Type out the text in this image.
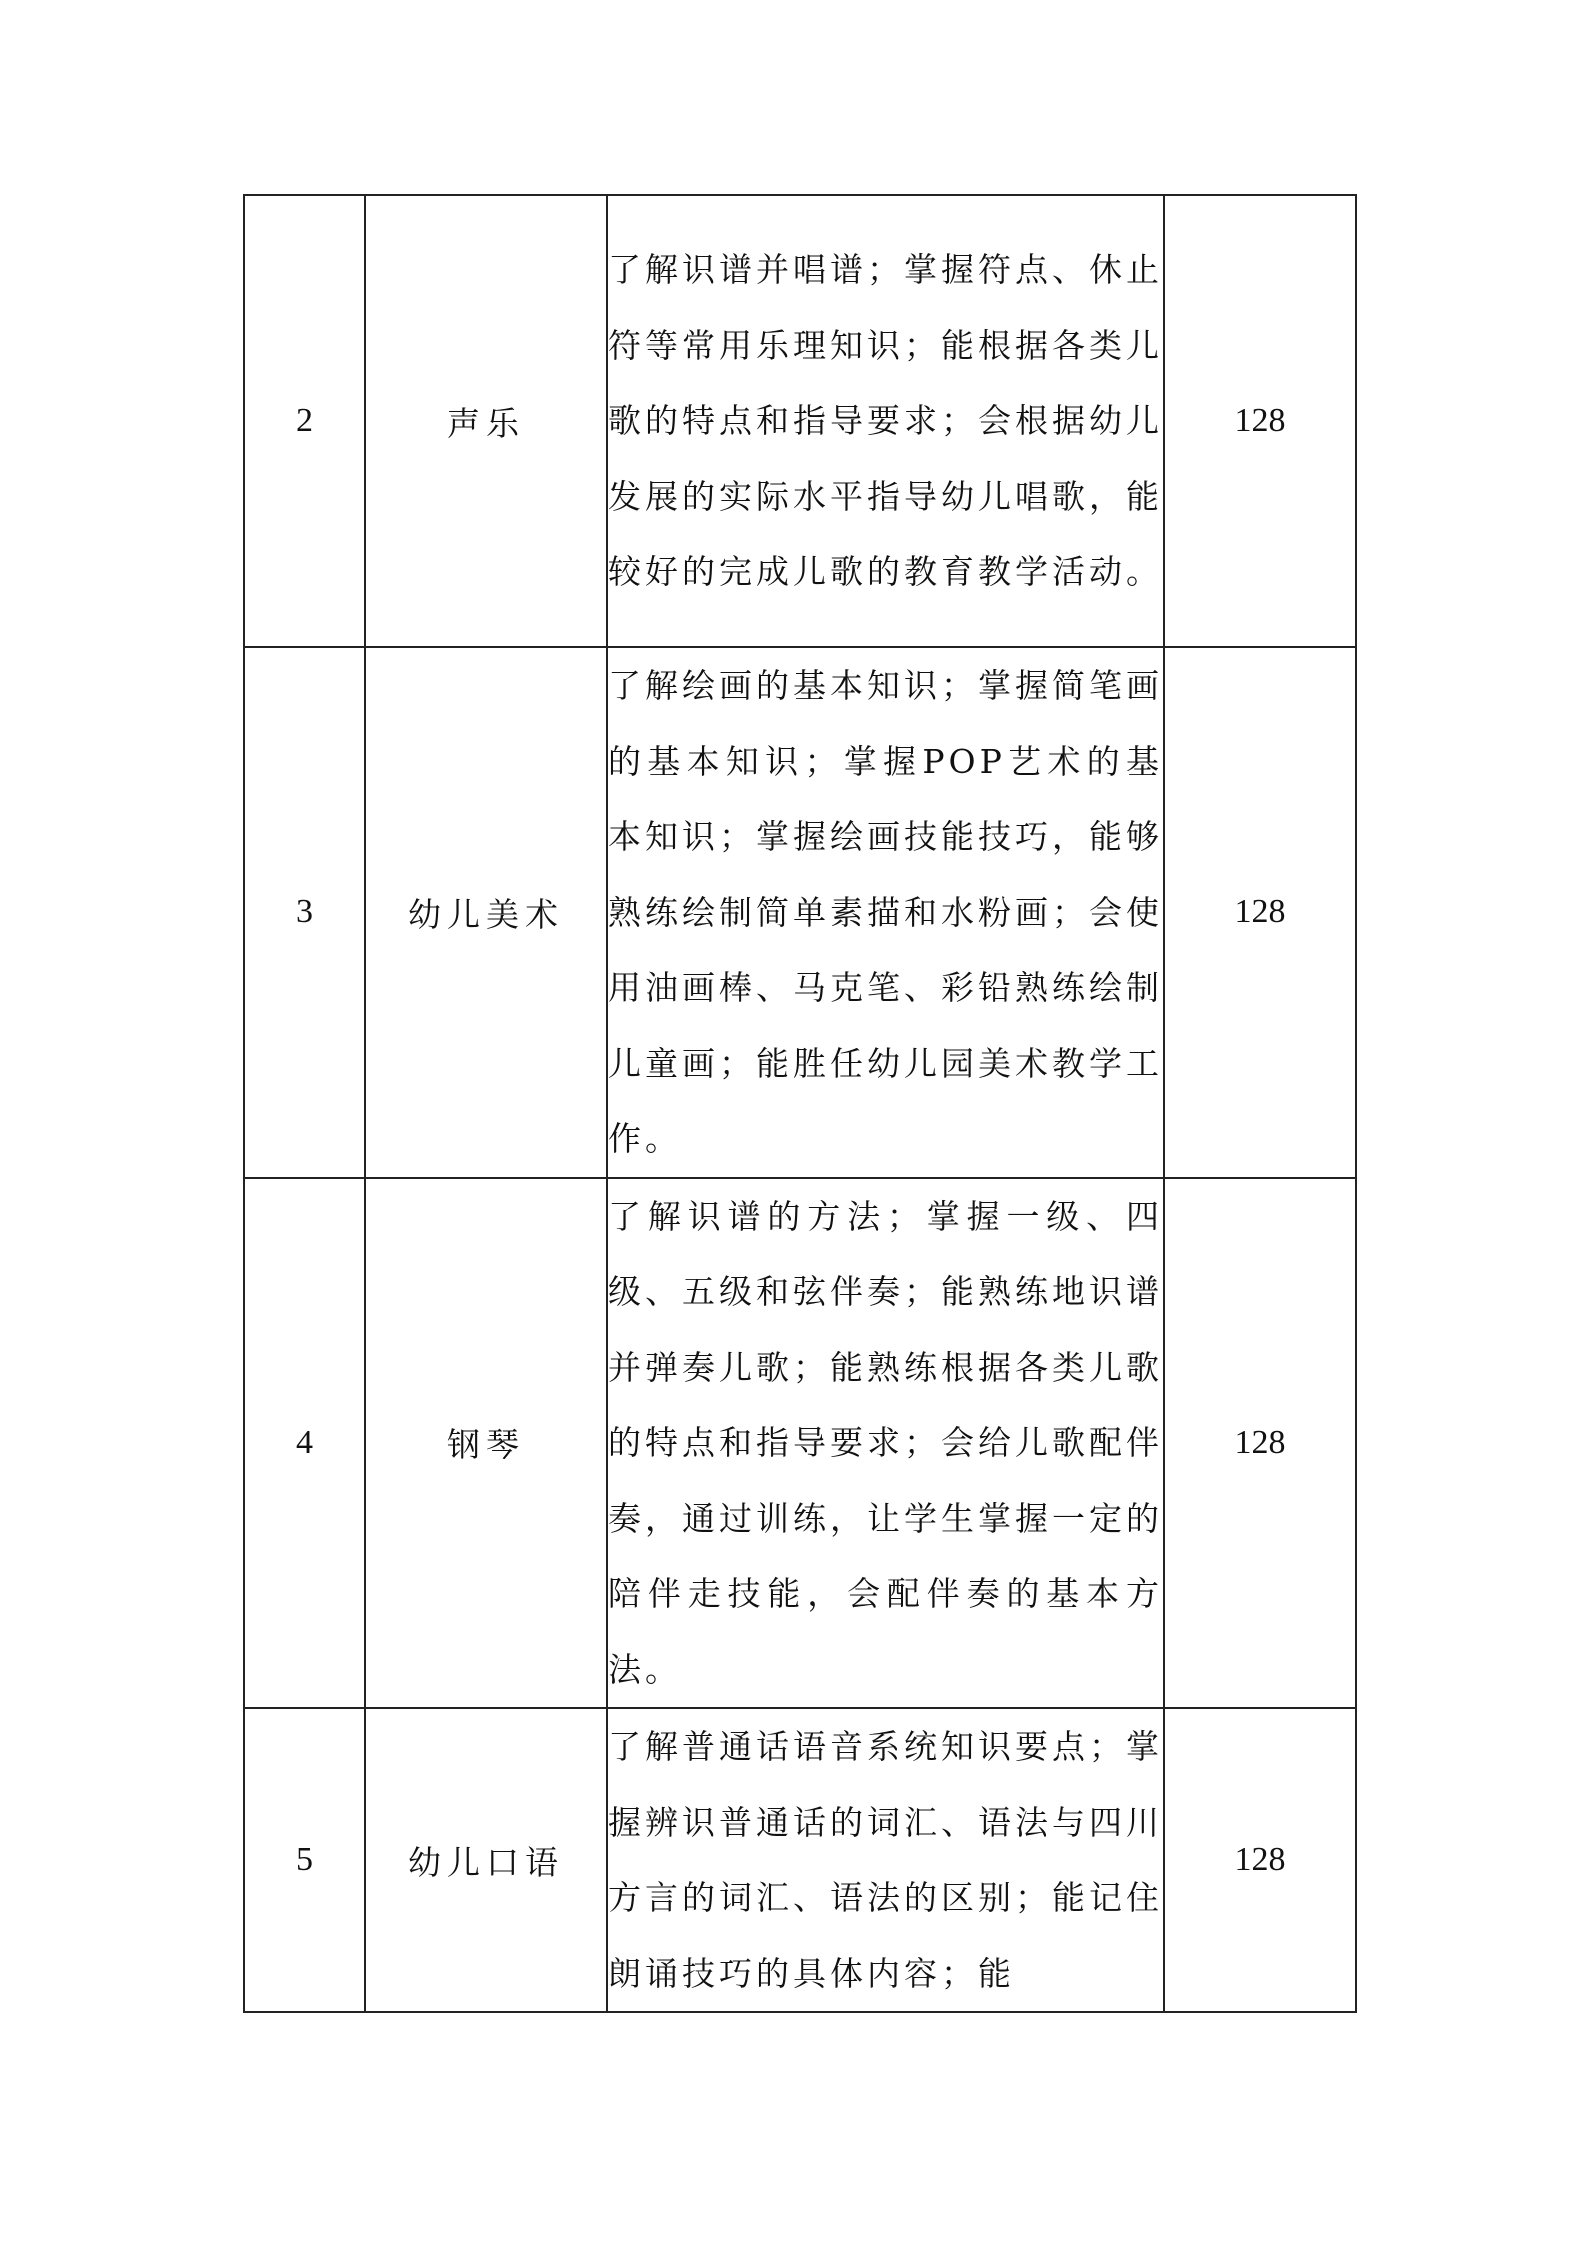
2	声乐	了解识谱并唱谱；掌握符点、休止符等常用乐理知识；能根据各类儿歌的特点和指导要求；会根据幼儿发展的实际水平指导幼儿唱歌，能较好的完成儿歌的教育教学活动。	128
3	幼儿美术	了解绘画的基本知识；掌握简笔画的基本知识；掌握POP艺术的基本知识；掌握绘画技能技巧，能够熟练绘制简单素描和水粉画；会使用油画棒、马克笔、彩铅熟练绘制儿童画；能胜任幼儿园美术教学工作。	128
4	钢琴	了解识谱的方法；掌握一级、四级、五级和弦伴奏；能熟练地识谱并弹奏儿歌；能熟练根据各类儿歌的特点和指导要求；会给儿歌配伴奏，通过训练，让学生掌握一定的陪伴走技能，会配伴奏的基本方法。	128
5	幼儿口语	了解普通话语音系统知识要点；掌握辨识普通话的词汇、语法与四川方言的词汇、语法的区别；能记住朗诵技巧的具体内容；能	128
